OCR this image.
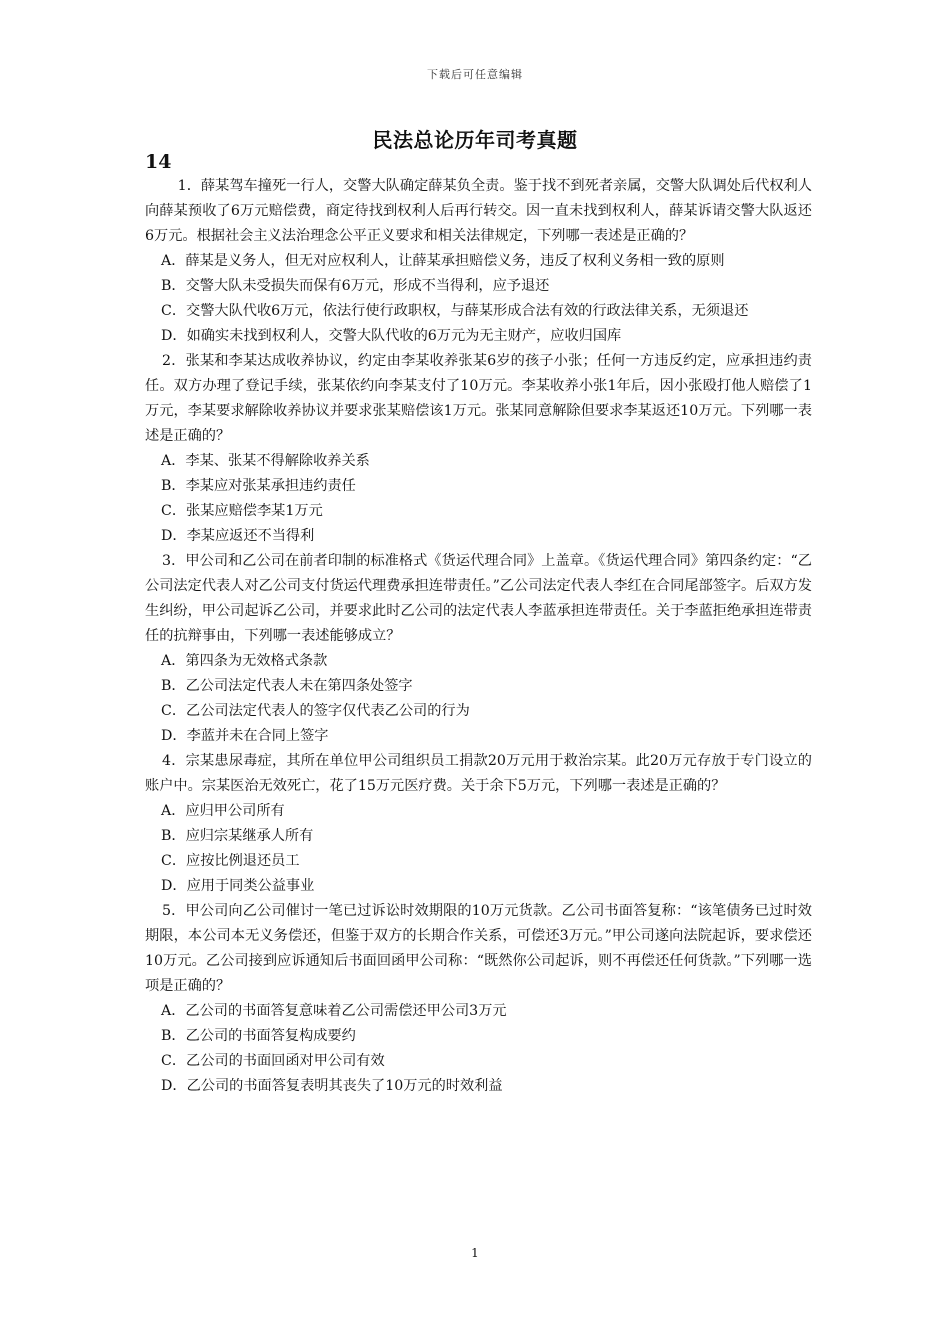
下载后可任意编辑
民法总论历年司考真题
14

1．薛某驾车撞死一行人，交警大队确定薛某负全责。鉴于找不到死者亲属，交警大队调处后代权利人向薛某预收了6万元赔偿费，商定待找到权利人后再行转交。因一直未找到权利人，薛某诉请交警大队返还6万元。根据社会主义法治理念公平正义要求和相关法律规定，下列哪一表述是正确的？

A．薛某是义务人，但无对应权利人，让薛某承担赔偿义务，违反了权利义务相一致的原则

B．交警大队未受损失而保有6万元，形成不当得利，应予退还

C．交警大队代收6万元，依法行使行政职权，与薛某形成合法有效的行政法律关系，无须退还

D．如确实未找到权利人，交警大队代收的6万元为无主财产，应收归国库

2．张某和李某达成收养协议，约定由李某收养张某6岁的孩子小张；任何一方违反约定，应承担违约责任。双方办理了登记手续，张某依约向李某支付了10万元。李某收养小张1年后，因小张殴打他人赔偿了1万元，李某要求解除收养协议并要求张某赔偿该1万元。张某同意解除但要求李某返还10万元。下列哪一表述是正确的？

A．李某、张某不得解除收养关系

B．李某应对张某承担违约责任

C．张某应赔偿李某1万元

D．李某应返还不当得利

3．甲公司和乙公司在前者印制的标准格式《货运代理合同》上盖章。《货运代理合同》第四条约定：“乙公司法定代表人对乙公司支付货运代理费承担连带责任。”乙公司法定代表人李红在合同尾部签字。后双方发生纠纷，甲公司起诉乙公司，并要求此时乙公司的法定代表人李蓝承担连带责任。关于李蓝拒绝承担连带责任的抗辩事由，下列哪一表述能够成立？

A．第四条为无效格式条款

B．乙公司法定代表人未在第四条处签字

C．乙公司法定代表人的签字仅代表乙公司的行为

D．李蓝并未在合同上签字

4．宗某患尿毒症，其所在单位甲公司组织员工捐款20万元用于救治宗某。此20万元存放于专门设立的账户中。宗某医治无效死亡，花了15万元医疗费。关于余下5万元，下列哪一表述是正确的？

A．应归甲公司所有

B．应归宗某继承人所有

C．应按比例退还员工

D．应用于同类公益事业

5．甲公司向乙公司催讨一笔已过诉讼时效期限的10万元货款。乙公司书面答复称：“该笔债务已过时效期限，本公司本无义务偿还，但鉴于双方的长期合作关系，可偿还3万元。”甲公司遂向法院起诉，要求偿还10万元。乙公司接到应诉通知后书面回函甲公司称：“既然你公司起诉，则不再偿还任何货款。”下列哪一选项是正确的？

A．乙公司的书面答复意味着乙公司需偿还甲公司3万元

B．乙公司的书面答复构成要约

C．乙公司的书面回函对甲公司有效

D．乙公司的书面答复表明其丧失了10万元的时效利益

1
